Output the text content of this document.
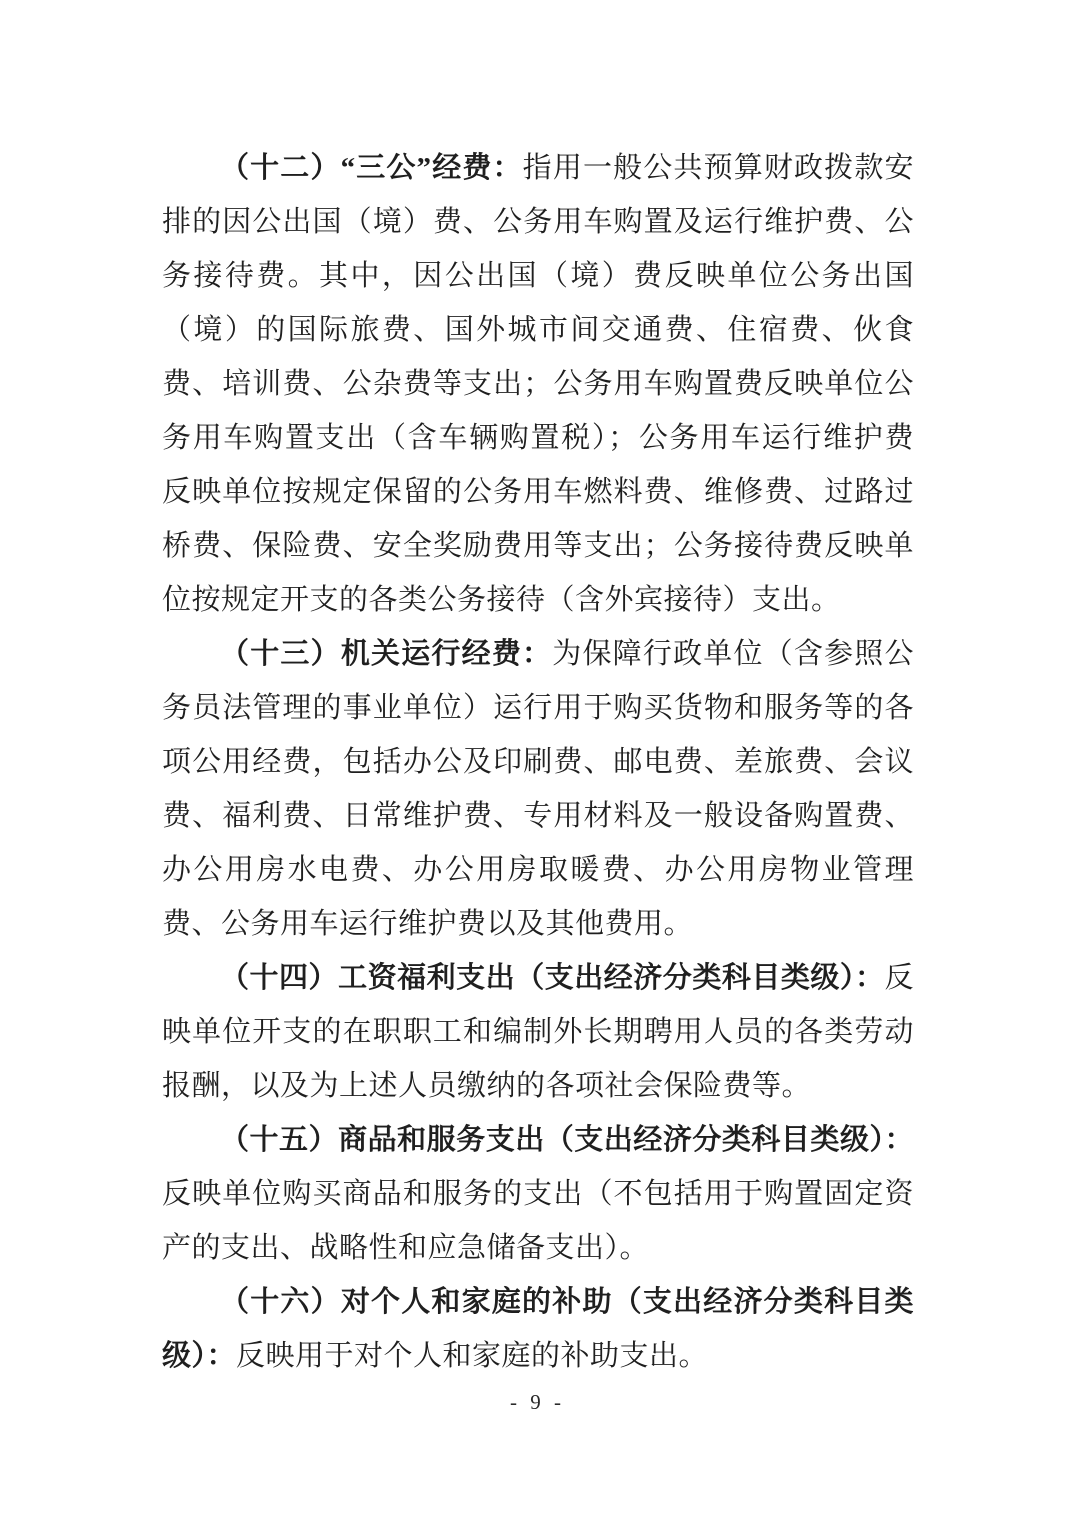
（十二）“三公”经费：指用一般公共预算财政拨款安排的因公出国（境）费、公务用车购置及运行维护费、公务接待费。其中，因公出国（境）费反映单位公务出国（境）的国际旅费、国外城市间交通费、住宿费、伙食费、培训费、公杂费等支出；公务用车购置费反映单位公务用车购置支出（含车辆购置税）；公务用车运行维护费反映单位按规定保留的公务用车燃料费、维修费、过路过桥费、保险费、安全奖励费用等支出；公务接待费反映单位按规定开支的各类公务接待（含外宾接待）支出。

（十三）机关运行经费：为保障行政单位（含参照公务员法管理的事业单位）运行用于购买货物和服务等的各项公用经费，包括办公及印刷费、邮电费、差旅费、会议费、福利费、日常维护费、专用材料及一般设备购置费、办公用房水电费、办公用房取暖费、办公用房物业管理费、公务用车运行维护费以及其他费用。

（十四）工资福利支出（支出经济分类科目类级）：反映单位开支的在职职工和编制外长期聘用人员的各类劳动报酬，以及为上述人员缴纳的各项社会保险费等。

（十五）商品和服务支出（支出经济分类科目类级）：反映单位购买商品和服务的支出（不包括用于购置固定资产的支出、战略性和应急储备支出）。

（十六）对个人和家庭的补助（支出经济分类科目类级）：反映用于对个人和家庭的补助支出。

- 9 -
